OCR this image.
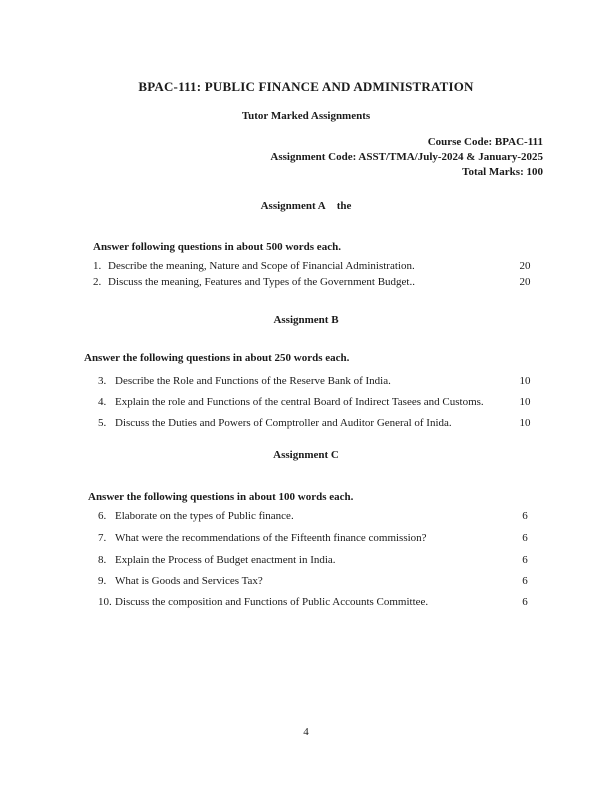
BPAC-111: PUBLIC FINANCE AND ADMINISTRATION
Tutor Marked Assignments
Course Code: BPAC-111
Assignment Code: ASST/TMA/July-2024 & January-2025
Total Marks: 100
Assignment A    the
Answer following questions in about 500 words each.
1. Describe the meaning, Nature and Scope of Financial Administration.	20
2. Discuss the meaning, Features and Types of the Government Budget..	20
Assignment B
Answer the following questions in about 250 words each.
3. Describe the Role and Functions of the Reserve Bank of India.	10
4. Explain the role and Functions of the central Board of Indirect Tasees and Customs.	10
5. Discuss the Duties and Powers of Comptroller and Auditor General of Inida.	10
Assignment C
Answer the following questions in about 100 words each.
6. Elaborate on the types of Public finance.	6
7. What were the recommendations of the Fifteenth finance commission?	6
8. Explain the Process of Budget enactment in India.	6
9. What is Goods and Services Tax?	6
10. Discuss the composition and Functions of Public Accounts Committee.	6
4
